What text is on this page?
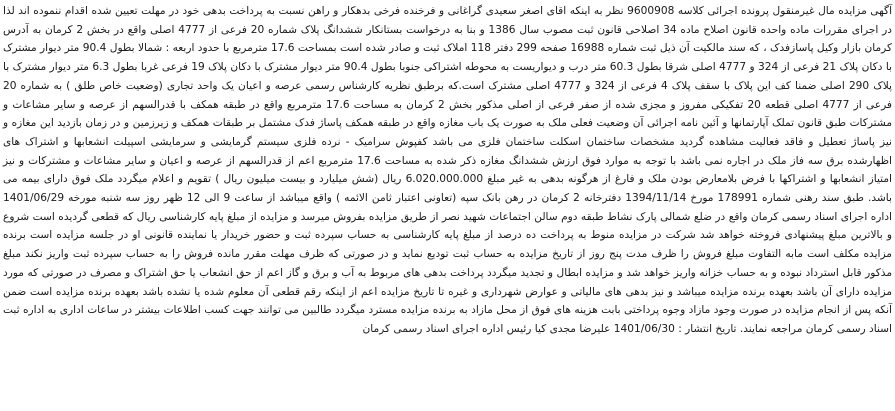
آگهی مزایده مال غیرمنقول پرونده اجرائی کلاسه 9600908 نظر به اینکه اقای اصغر سعیدی گراغانی و فرخنده فرخی بدهکار و راهن نسبت به پرداخت بدهی خود در مهلت تعیین شده اقدام ننموده اند لذا در اجرای مقررات ماده واحده قانون اصلاح ماده 34 اصلاحی قانون ثبت مصوب سال 1386 و بنا به درخواست بستانکار ششدانگ پلاک شماره 20 فرعی از 4777 اصلی واقع در بخش 2 کرمان به آدرس کرمان بازار وکیل پاسازفدک ، که سند مالکیت آن ذیل ثبت شماره 16988 صفحه 299 دفتر 118 املاک ثبت و صادر شده است بمساحت 17.6 مترمربع با حدود اربعه : شمالا بطول 90.4 متر دیوار مشترک با دکان پلاک 21 فرعی از 324 و 4777 اصلی شرقا بطول 60.3 متر درب و دیواریست به محوطه اشتراکی جنوبا بطول 90.4 متر دیوار مشترک با دکان پلاک 19 فرعی غربا بطول 6.3 متر دیوار مشترک با پلاک 290 اصلی ضمنا کف این پلاک با سقف پلاک 4 فرعی از 324 و 4777 اصلی مشترک است.که برطبق نظریه کارشناس رسمی عرصه و اعیان یک واحد تجاری (وضعیت خاص طلق ) به شماره 20 فرعی از 4777 اصلی قطعه 20 تفکیکی مفروز و مجزی شده از صفر فرعی از اصلی مذکور بخش 2 کرمان به مساحت 17.6 مترمربع واقع در طبقه همکف با قدرالسهم از عرصه و سایر مشاعات و مشترکات طبق قانون تملک آپارتمانها و آئین نامه اجرائی آن وضعیت فعلی ملک به صورت یک باب مغازه واقع در طبقه همکف پاساژ فدک مشتمل بر طبقات همکف و زیرزمین و در زمان بازدید این مغازه و نیز پاساژ تعطیل و فاقد فعالیت مشاهده گردید مشخصات ساختمان اسکلت ساختمان فلزی می باشد کفپوش سرامیک - نرده فلزی سیستم گرمایشی و سرمایشی اسپیلت انشعابها و اشتراک های اظهارشده برق سه فاز ملک در اجاره نمی باشد با توجه به موارد فوق ارزش ششدانگ مغازه ذکر شده به مساحت 17.6 مترمربع اعم از قدرالسهم از عرصه و اعیان و سایر مشاعات و مشترکات و نیز امتیاز انشعابها و اشتراکها با فرض بلامعارض بودن ملک و فارغ از هرگونه بدهی به غیر مبلغ 6.020.000.000 ریال (شش میلیارد و بیست میلیون ریال ) تقویم و اعلام میگردد ملک فوق دارای بیمه می باشد. طبق سند رهنی شماره 178991 مورخ 1394/11/14 دفترخانه 2 کرمان در رهن بانک سپه (تعاونی اعتبار ثامن الائمه ) واقع میباشد از ساعت 9 الی 12 ظهر روز سه شنبه مورخه 1401/06/29 اداره اجرای اسناد رسمی کرمان واقع در ضلع شمالی پارک نشاط طبقه دوم سالن اجتماعات شهید نصر از طریق مزایده بفروش میرسد و مزایده از مبلغ پایه کارشناسی ریال که قطعی گردیده است شروع و بالاترین مبلغ پیشنهادی فروخته خواهد شد شرکت در مزایده منوط به پرداخت ده درصد از مبلغ پایه کارشناسی به حساب سپرده ثبت و حضور خریدار یا نماینده قانونی او در جلسه مزایده است برنده مزایده مکلف است مابه التفاوت مبلغ فروش را ظرف مدت پنج روز از تاریخ مزایده به حساب ثبت تودیع نماید و در صورتی که ظرف مهلت مقرر مانده فروش را به حساب سپرده ثبت واریز نکند مبلغ مذکور قابل استرداد نبوده و به حساب خزانه واریز خواهد شد و مزایده ابطال و تجدید میگردد پرداخت بدهی های مربوط به آب و برق و گاز اعم از حق انشعاب یا حق اشتراک و مصرف در صورتی که مورد مزایده دارای آن باشد بعهده برنده مزایده میباشد و نیز بدهی های مالیاتی و عوارض شهرداری و غیره تا تاریخ مزایده اعم از اینکه رقم قطعی آن معلوم شده یا نشده باشد بعهده برنده مزایده است ضمن آنکه پس از انجام مزایده در صورت وجود مازاد وجوه پرداختی بابت هزینه های فوق از محل مازاد به برنده مزایده مسترد میگردد طالبین می توانند جهت کسب اطلاعات بیشتر در ساعات اداری به اداره ثبت اسناد رسمی کرمان مراجعه نمایند. تاریخ انتشار : 1401/06/30 علیرضا مجدی کیا رئیس اداره اجرای اسناد رسمی کرمان
